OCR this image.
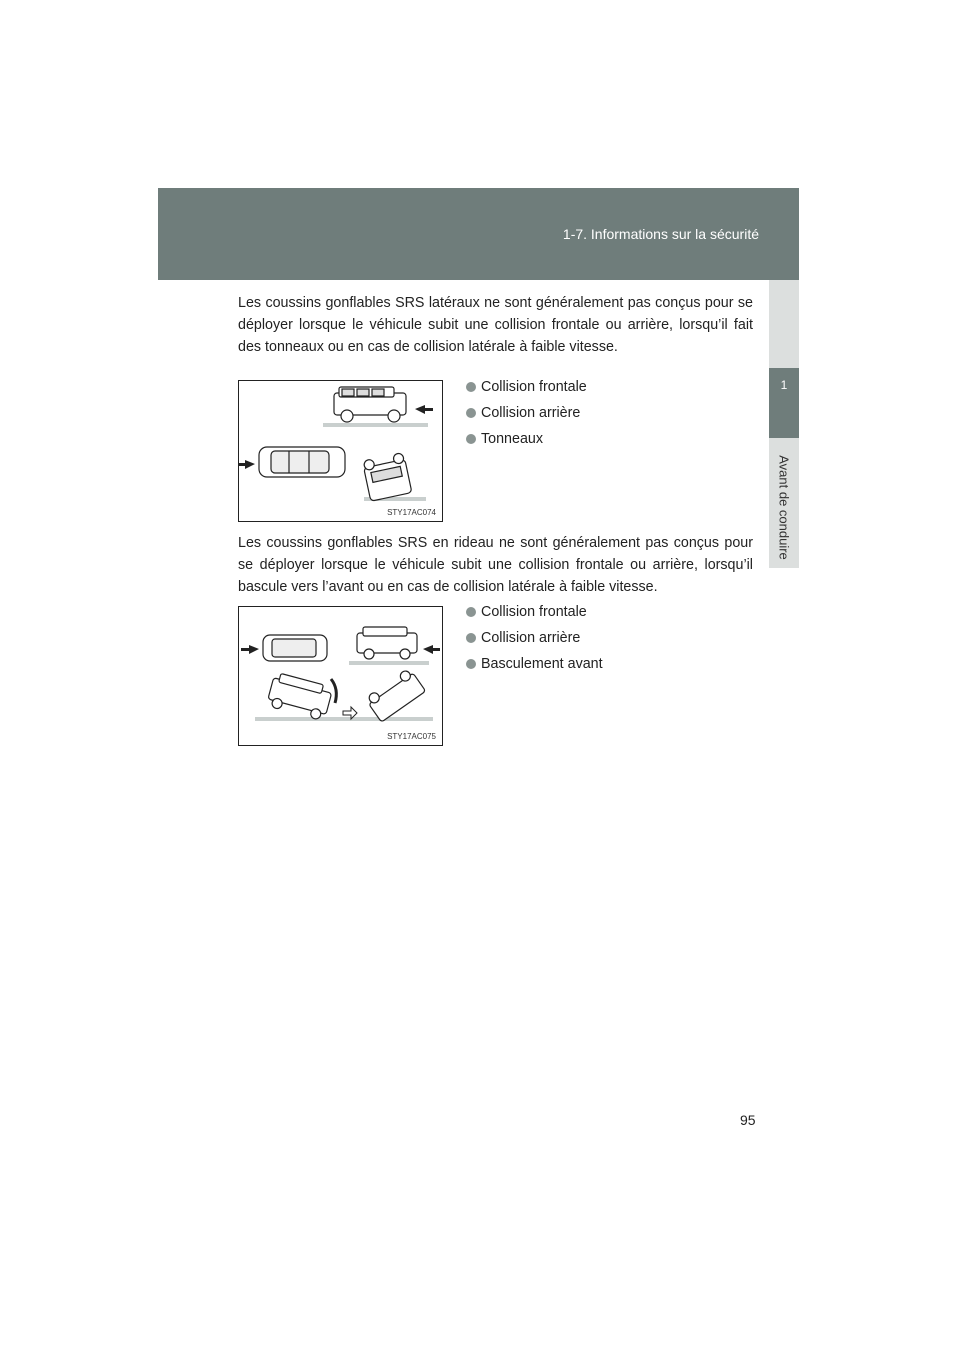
1-7. Informations sur la sécurité
1
Avant de conduire

Les coussins gonflables SRS latéraux ne sont généralement pas conçus pour se déployer lorsque le véhicule subit une collision frontale ou arrière, lorsqu’il fait des tonneaux ou en cas de collision latérale à faible vitesse.

STY17AC074
Collision frontale
Collision arrière
Tonneaux

Les coussins gonflables SRS en rideau ne sont généralement pas conçus pour se déployer lorsque le véhicule subit une collision frontale ou arrière, lorsqu’il bascule vers l’avant ou en cas de collision latérale à faible vitesse.

STY17AC075
Collision frontale
Collision arrière
Basculement avant
95
